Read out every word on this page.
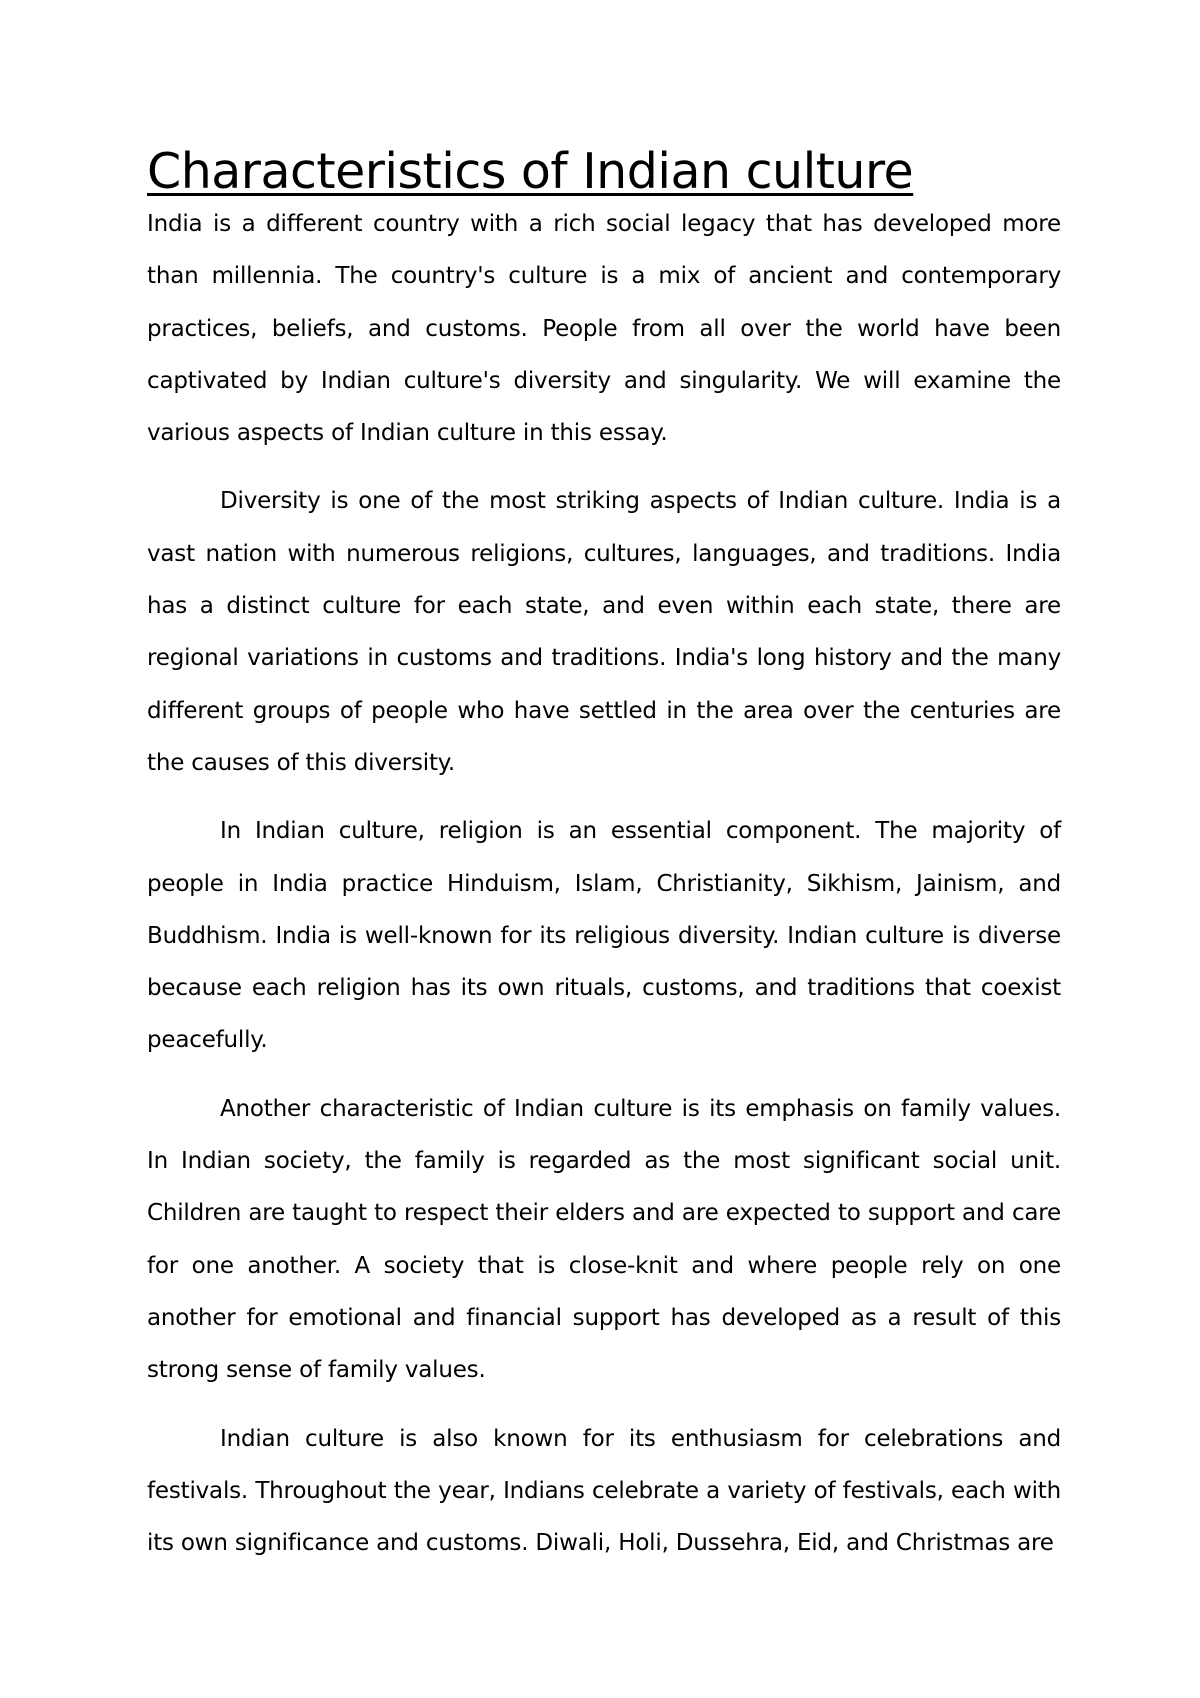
Characteristics of Indian culture

India is a different country with a rich social legacy that has developed more than millennia. The country's culture is a mix of ancient and contemporary practices, beliefs, and customs. People from all over the world have been captivated by Indian culture's diversity and singularity. We will examine the various aspects of Indian culture in this essay.

Diversity is one of the most striking aspects of Indian culture. India is a vast nation with numerous religions, cultures, languages, and traditions. India has a distinct culture for each state, and even within each state, there are regional variations in customs and traditions. India's long history and the many different groups of people who have settled in the area over the centuries are the causes of this diversity.

In Indian culture, religion is an essential component. The majority of people in India practice Hinduism, Islam, Christianity, Sikhism, Jainism, and Buddhism. India is well-known for its religious diversity. Indian culture is diverse because each religion has its own rituals, customs, and traditions that coexist peacefully.

Another characteristic of Indian culture is its emphasis on family values. In Indian society, the family is regarded as the most significant social unit. Children are taught to respect their elders and are expected to support and care for one another. A society that is close-knit and where people rely on one another for emotional and financial support has developed as a result of this strong sense of family values.

Indian culture is also known for its enthusiasm for celebrations and festivals. Throughout the year, Indians celebrate a variety of festivals, each with its own significance and customs. Diwali, Holi, Dussehra, Eid, and Christmas are
